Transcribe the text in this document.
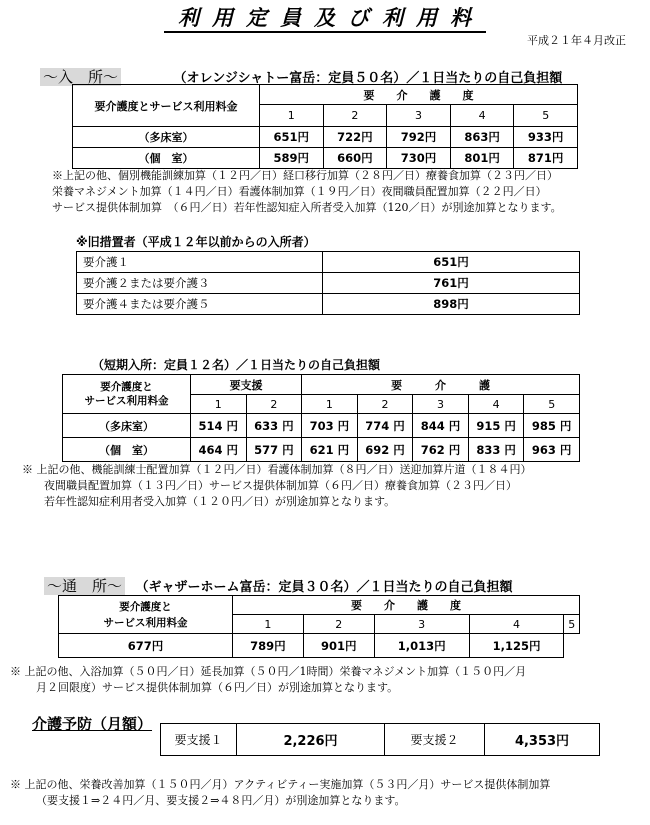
利用定員及び利用料
平成２１年４月改正
〜入　所〜	（オレンジシャトー富岳：定員５０名）／１日当たりの自己負担額
要介護度とサービス利用料金	要　　介　　護　　度				
	1	2	3	4	5
（多床室）	651円	722円	792円	863円	933円
（個　室）	589円	660円	730円	801円	871円
※上記の他、個別機能訓練加算（１２円／日）経口移行加算（２８円／日）療養食加算（２３円／日）
栄養マネジメント加算（１４円／日）看護体制加算（１９円／日）夜間職員配置加算（２２円／日）
サービス提供体制加算　（６円／日）若年性認知症入所者受入加算（120／日）が別途加算となります。
※旧措置者（平成１２年以前からの入所者）
要介護１	651円
要介護２または要介護３	761円
要介護４または要介護５	898円
（短期入所：定員１２名）／１日当たりの自己負担額
要介護度と
サービス利用料金	要支援		要　　　介　　　護				
	1	2	1	2	3	4	5
（多床室）	514 円	633 円	703 円	774 円	844 円	915 円	985 円
（個　室）	464 円	577 円	621 円	692 円	762 円	833 円	963 円
※ 上記の他、機能訓練士配置加算（１２円／日）看護体制加算（８円／日）送迎加算片道（１８４円）
夜間職員配置加算（１３円／日）サービス提供体制加算（６円／日）療養食加算（２３円／日）
若年性認知症利用者受入加算（１２０円／日）が別途加算となります。
〜通　所〜 （ギャザーホーム富岳：定員３０名）／１日当たりの自己負担額
要介護度と
サービス利用料金	要　　介　　護　　度				
	1	2	3	4	5
677円	789円	901円	1,013円	1,125円	
※ 上記の他、入浴加算（５０円／日）延長加算（５０円／1時間）栄養マネジメント加算（１５０円／月
月２回限度）サービス提供体制加算（６円／日）が別途加算となります。
介護予防（月額）
要支援１	2,226円	要支援２	4,353円
※ 上記の他、栄養改善加算（１５０円／月）アクティビティー実施加算（５３円／月）サービス提供体制加算
（要支援１⇒２４円／月、要支援２⇒４８円／月）が別途加算となります。
